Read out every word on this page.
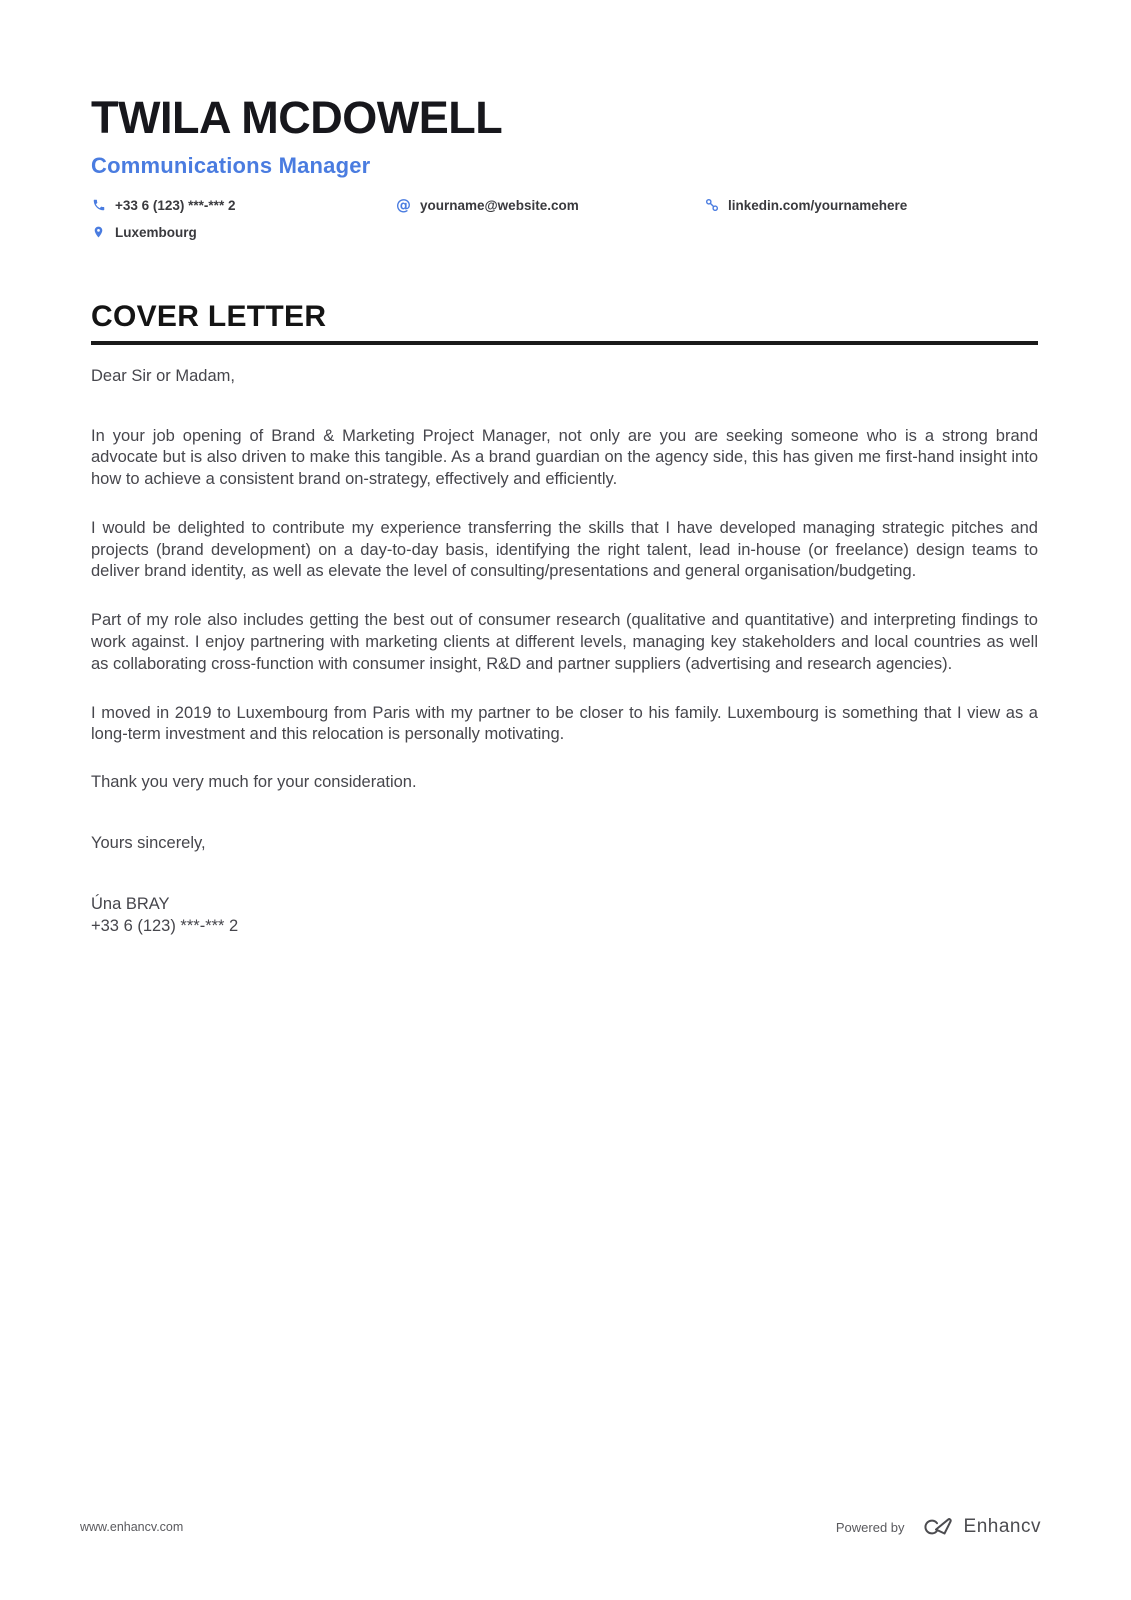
TWILA MCDOWELL
Communications Manager
+33 6 (123) ***-*** 2	@ yourname@website.com	linkedin.com/yournamehere
Luxembourg
COVER LETTER

Dear Sir or Madam,

In your job opening of Brand & Marketing Project Manager, not only are you are seeking someone who is a strong brand advocate but is also driven to make this tangible. As a brand guardian on the agency side, this has given me first-hand insight into how to achieve a consistent brand on-strategy, effectively and efficiently.

I would be delighted to contribute my experience transferring the skills that I have developed managing strategic pitches and projects (brand development) on a day-to-day basis, identifying the right talent, lead in-house (or freelance) design teams to deliver brand identity, as well as elevate the level of consulting/presentations and general organisation/budgeting.

Part of my role also includes getting the best out of consumer research (qualitative and quantitative) and interpreting findings to work against. I enjoy partnering with marketing clients at different levels, managing key stakeholders and local countries as well as collaborating cross-function with consumer insight, R&D and partner suppliers (advertising and research agencies).

I moved in 2019 to Luxembourg from Paris with my partner to be closer to his family. Luxembourg is something that I view as a long-term investment and this relocation is personally motivating.

Thank you very much for your consideration.

Yours sincerely,

Úna BRAY
+33 6 (123) ***-*** 2
www.enhancv.com	Powered by	Enhancv
